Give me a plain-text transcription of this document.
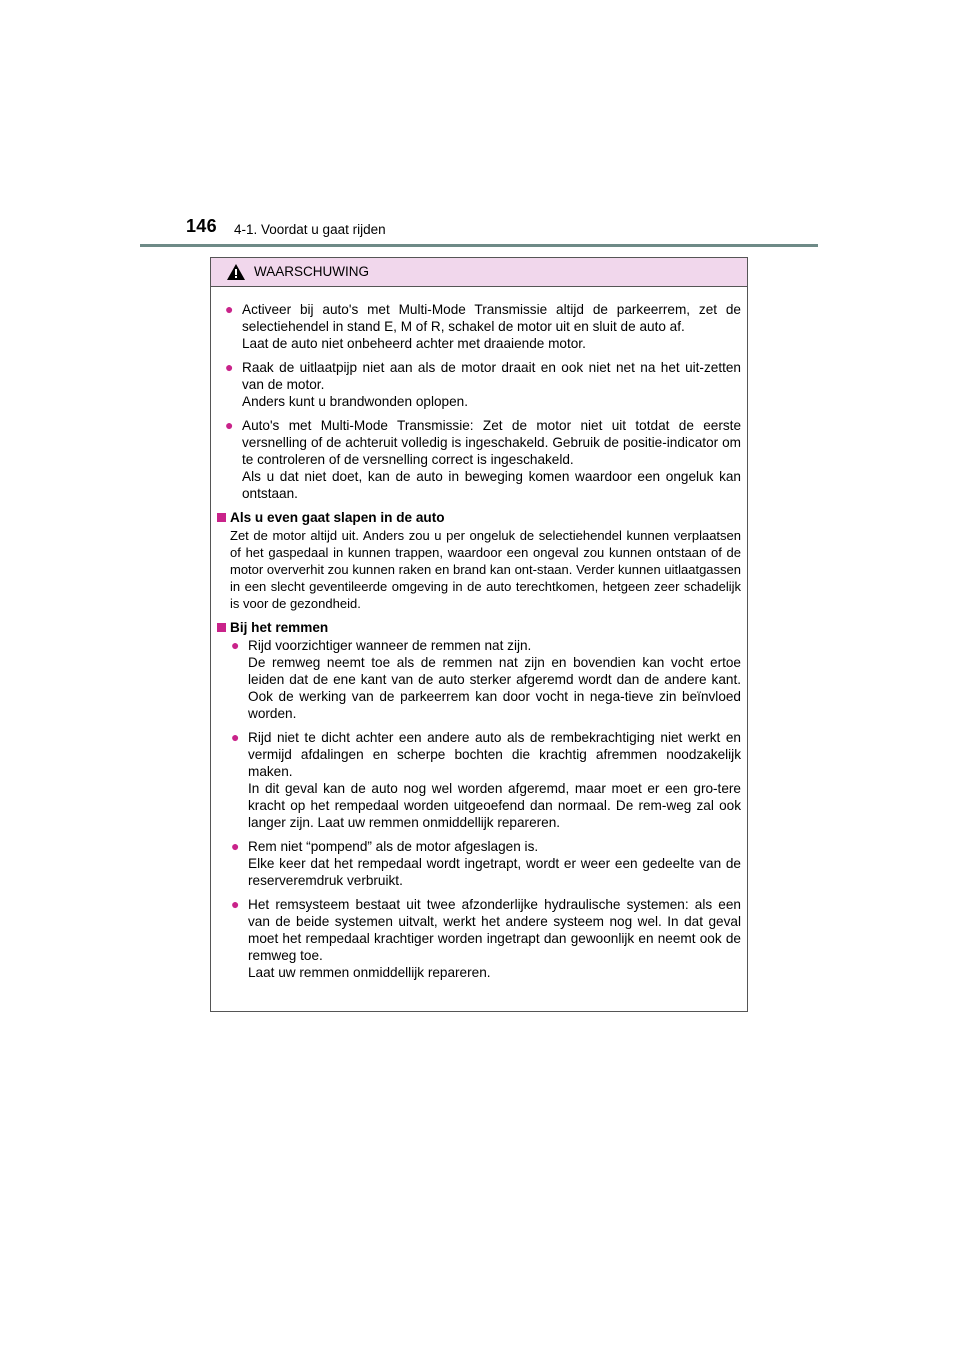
146 4-1. Voordat u gaat rijden
WAARSCHUWING
● Activeer bij auto's met Multi-Mode Transmissie altijd de parkeerrem, zet de selectiehendel in stand E, M of R, schakel de motor uit en sluit de auto af.

Laat de auto niet onbeheerd achter met draaiende motor.

● Raak de uitlaatpijp niet aan als de motor draait en ook niet net na het uit-zetten van de motor.

Anders kunt u brandwonden oplopen.

● Auto's met Multi-Mode Transmissie: Zet de motor niet uit totdat de eerste versnelling of de achteruit volledig is ingeschakeld. Gebruik de positie-indicator om te controleren of de versnelling correct is ingeschakeld.

Als u dat niet doet, kan de auto in beweging komen waardoor een ongeluk kan ontstaan.

Als u even gaat slapen in de auto
Zet de motor altijd uit. Anders zou u per ongeluk de selectiehendel kunnen verplaatsen of het gaspedaal in kunnen trappen, waardoor een ongeval zou kunnen ontstaan of de motor oververhit zou kunnen raken en brand kan ont-staan. Verder kunnen uitlaatgassen in een slecht geventileerde omgeving in de auto terechtkomen, hetgeen zeer schadelijk is voor de gezondheid.
Bij het remmen
● Rijd voorzichtiger wanneer de remmen nat zijn.

De remweg neemt toe als de remmen nat zijn en bovendien kan vocht ertoe leiden dat de ene kant van de auto sterker afgeremd wordt dan de andere kant. Ook de werking van de parkeerrem kan door vocht in nega-tieve zin beïnvloed worden.

● Rijd niet te dicht achter een andere auto als de rembekrachtiging niet werkt en vermijd afdalingen en scherpe bochten die krachtig afremmen noodzakelijk maken.

In dit geval kan de auto nog wel worden afgeremd, maar moet er een gro-tere kracht op het rempedaal worden uitgeoefend dan normaal. De rem-weg zal ook langer zijn. Laat uw remmen onmiddellijk repareren.

● Rem niet “pompend” als de motor afgeslagen is.

Elke keer dat het rempedaal wordt ingetrapt, wordt er weer een gedeelte van de reserveremdruk verbruikt.

● Het remsysteem bestaat uit twee afzonderlijke hydraulische systemen: als een van de beide systemen uitvalt, werkt het andere systeem nog wel. In dat geval moet het rempedaal krachtiger worden ingetrapt dan gewoonlijk en neemt ook de remweg toe.

Laat uw remmen onmiddellijk repareren.
